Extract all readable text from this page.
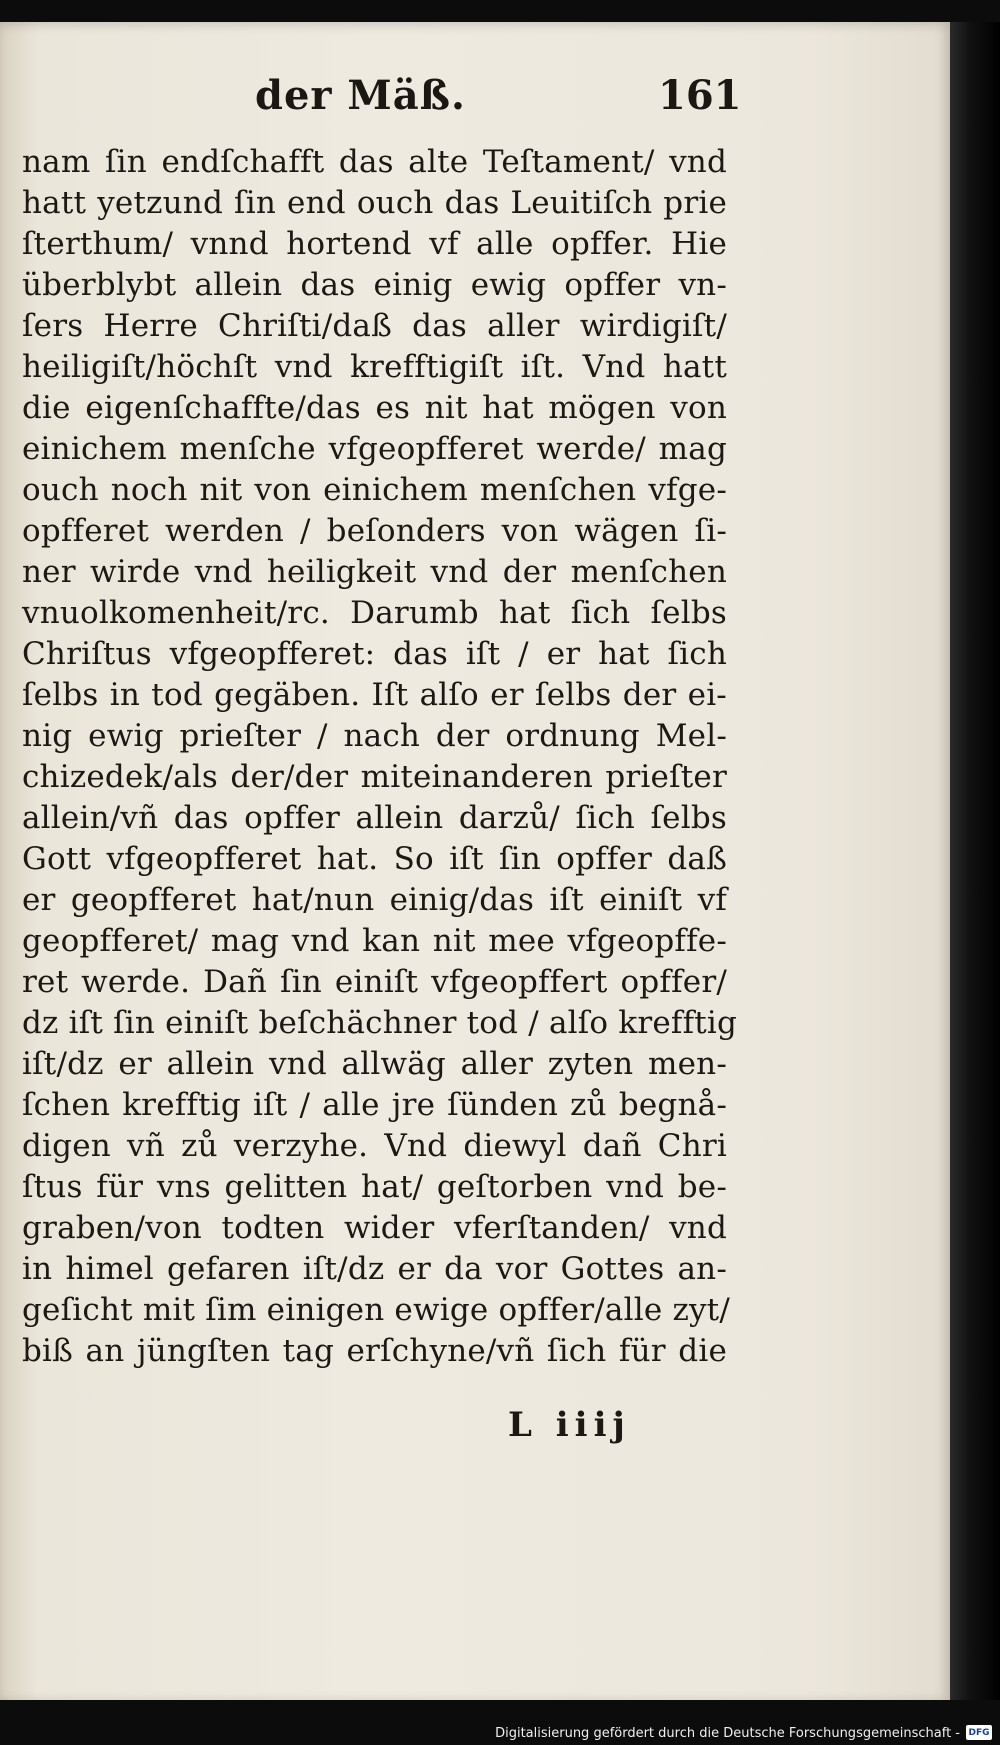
der Mäß.	161
nam ſin endſchafft das alte Teſtament/ vnd
hatt yetzund ſin end ouch das Leuitiſch prie
ſterthum/ vnnd hortend vf alle opffer. Hie
überblybt allein das einig ewig opffer vn-
ſers Herre Chriſti/daß das aller wirdigiſt/
heiligiſt/höchſt vnd krefftigiſt iſt. Vnd hatt
die eigenſchaffte/das es nit hat mögen von
einichem menſche vfgeopfferet werde/ mag
ouch noch nit von einichem menſchen vfge-
opfferet werden / beſonders von wägen ſi-
ner wirde vnd heiligkeit vnd der menſchen
vnuolkomenheit/rc. Darumb hat ſich ſelbs
Chriſtus vfgeopfferet: das iſt / er hat ſich
ſelbs in tod gegäben. Iſt alſo er ſelbs der ei-
nig ewig prieſter / nach der ordnung Mel-
chizedek/als der/der miteinanderen prieſter
allein/vñ das opffer allein darzů/ ſich ſelbs
Gott vfgeopfferet hat. So iſt ſin opffer daß
er geopfferet hat/nun einig/das iſt einiſt vf
geopfferet/ mag vnd kan nit mee vfgeopffe-
ret werde. Dañ ſin einiſt vfgeopffert opffer/
dz iſt ſin einiſt beſchächner tod / alſo krefftig
iſt/dz er allein vnd allwäg aller zyten men-
ſchen krefftig iſt / alle jre ſünden zů begnå-
digen vñ zů verzyhe. Vnd diewyl dañ Chri
ſtus für vns gelitten hat/ geſtorben vnd be-
graben/von todten wider vferſtanden/ vnd
in himel gefaren iſt/dz er da vor Gottes an-
geſicht mit ſim einigen ewige opffer/alle zyt/
biß an jüngſten tag erſchyne/vñ ſich für die
L iiij
Digitalisierung gefördert durch die Deutsche Forschungsgemeinschaft - DFG
